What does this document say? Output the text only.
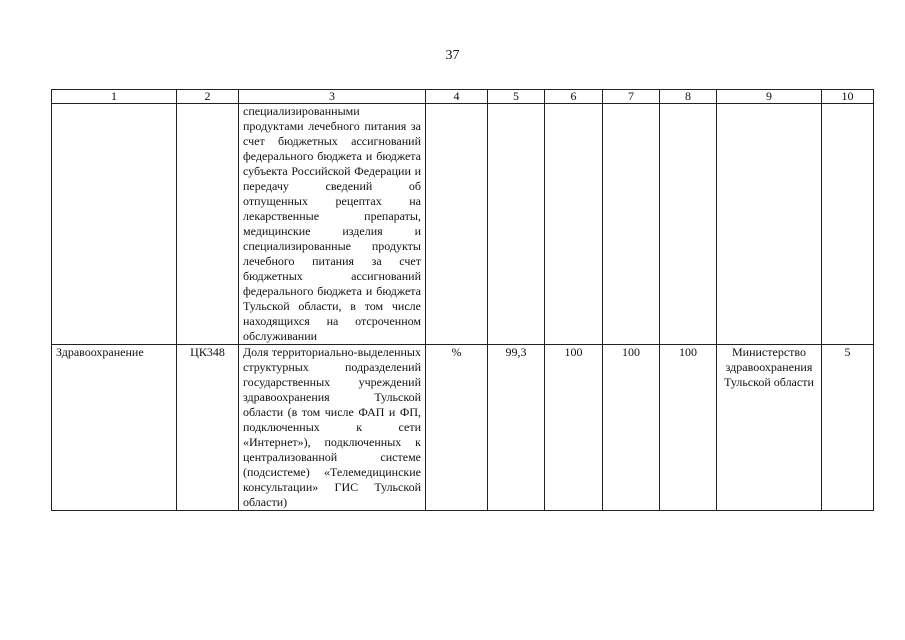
37
1	2	3	4	5	6	7	8	9	10
		специализированными продуктами лечебного питания за счет бюджетных ассигнований федерального бюджета и бюджета субъекта Российской Федерации и передачу сведений об отпущенных рецептах на лекарственные препараты, медицинские изделия и специализированные продукты лечебного питания за счет бюджетных ассигнований федерального бюджета и бюджета Тульской области, в том числе находящихся на отсроченном обслуживании							
Здравоохранение	ЦК348	Доля территориально-выделенных структурных подразделений государственных учреждений здравоохранения Тульской области (в том числе ФАП и ФП, подключенных к сети «Интернет»), подключенных к централизованной системе (подсистеме) «Телемедицинские консультации» ГИС Тульской области)	%	99,3	100	100	100	Министерство здравоохранения Тульской области	5
